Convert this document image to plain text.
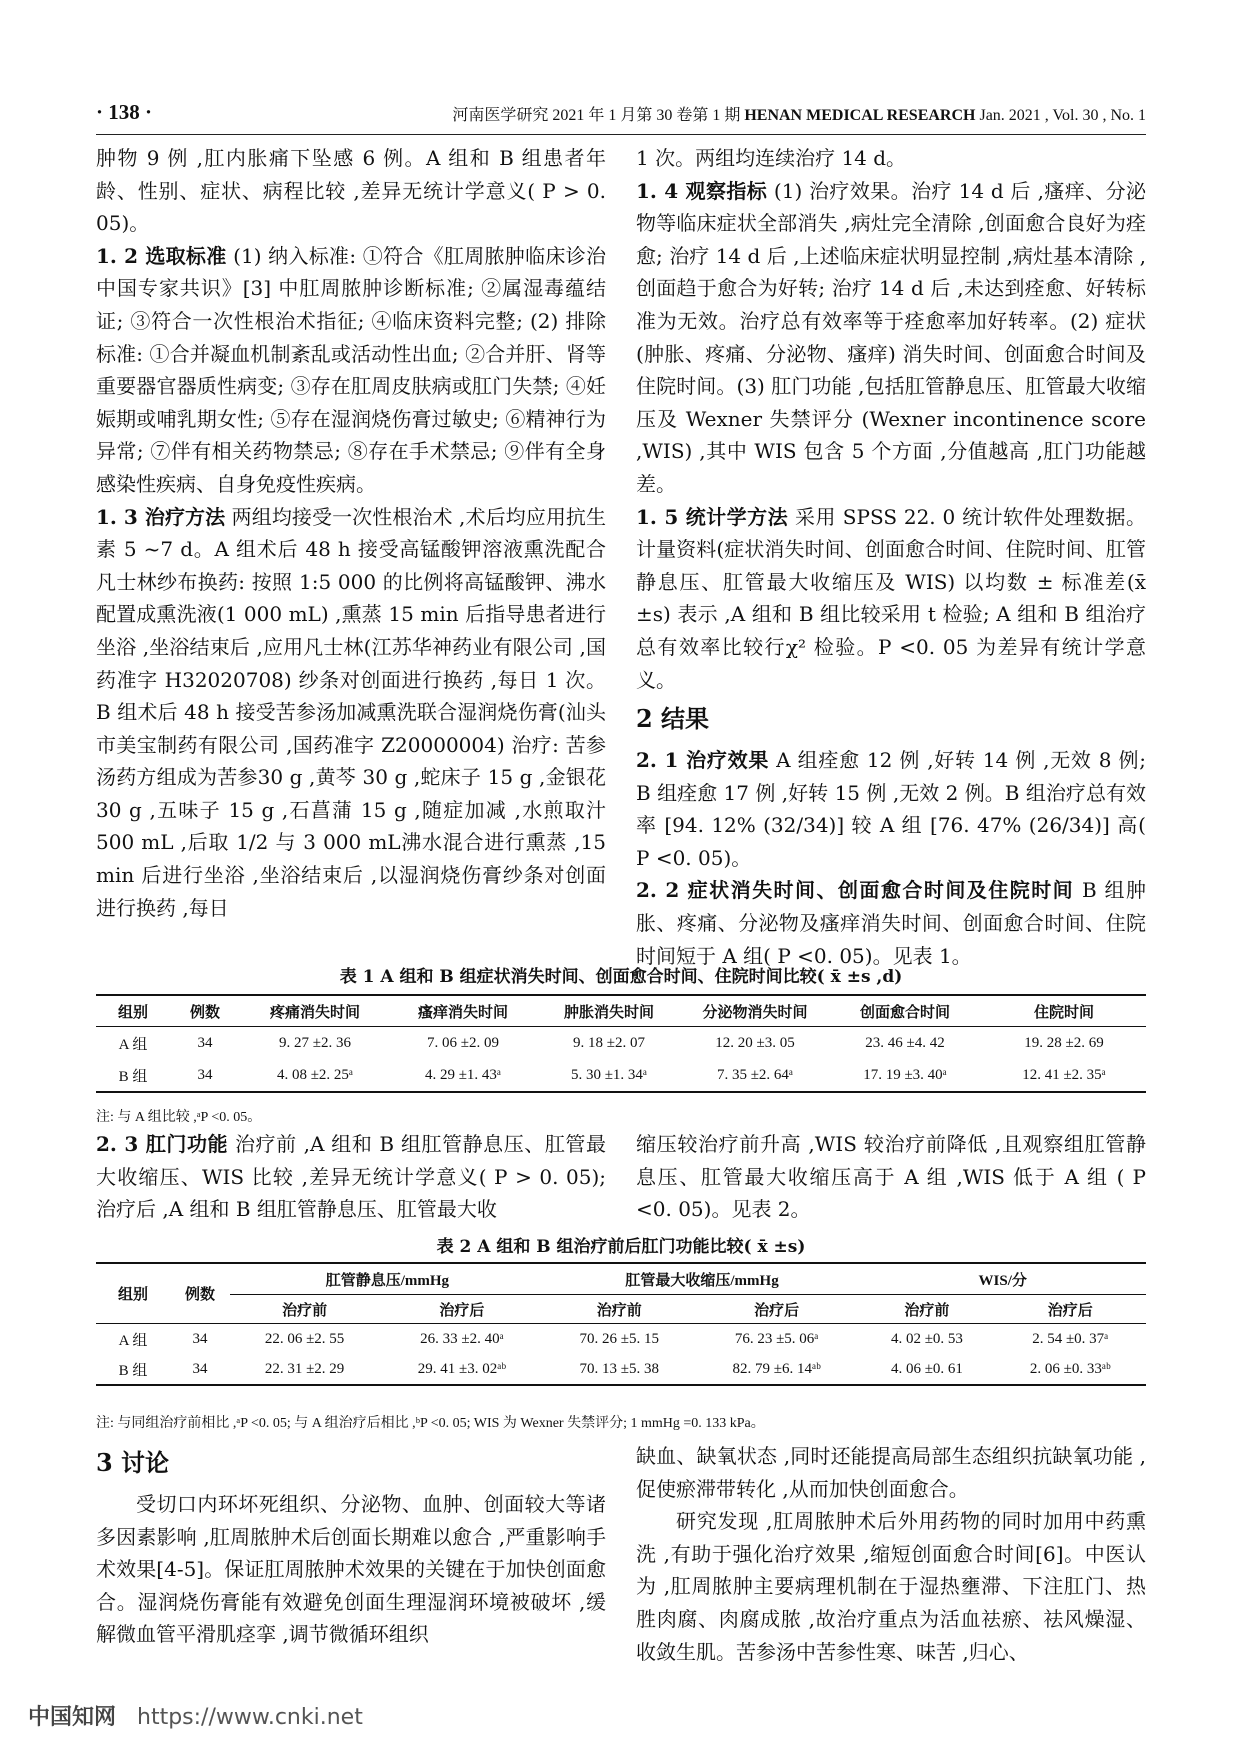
· 138 ·	河南医学研究 2021 年 1 月第 30 卷第 1 期 HENAN MEDICAL RESEARCH Jan. 2021 , Vol. 30 , No. 1

肿物 9 例 ,肛内胀痛下坠感 6 例。A 组和 B 组患者年龄、性别、症状、病程比较 ,差异无统计学意义( P > 0. 05)。

1. 2 选取标准 (1) 纳入标准: ①符合《肛周脓肿临床诊治中国专家共识》[3] 中肛周脓肿诊断标准; ②属湿毒蕴结证; ③符合一次性根治术指征; ④临床资料完整; (2) 排除标准: ①合并凝血机制紊乱或活动性出血; ②合并肝、肾等重要器官器质性病变; ③存在肛周皮肤病或肛门失禁; ④妊娠期或哺乳期女性; ⑤存在湿润烧伤膏过敏史; ⑥精神行为异常; ⑦伴有相关药物禁忌; ⑧存在手术禁忌; ⑨伴有全身感染性疾病、自身免疫性疾病。

1. 3 治疗方法 两组均接受一次性根治术 ,术后均应用抗生素 5 ~7 d。A 组术后 48 h 接受高锰酸钾溶液熏洗配合凡士林纱布换药: 按照 1:5 000 的比例将高锰酸钾、沸水配置成熏洗液(1 000 mL) ,熏蒸 15 min 后指导患者进行坐浴 ,坐浴结束后 ,应用凡士林(江苏华神药业有限公司 ,国药准字 H32020708) 纱条对创面进行换药 ,每日 1 次。B 组术后 48 h 接受苦参汤加减熏洗联合湿润烧伤膏(汕头市美宝制药有限公司 ,国药准字 Z20000004) 治疗: 苦参汤药方组成为苦参30 g ,黄芩 30 g ,蛇床子 15 g ,金银花 30 g ,五味子 15 g ,石菖蒲 15 g ,随症加减 ,水煎取汁 500 mL ,后取 1/2 与 3 000 mL沸水混合进行熏蒸 ,15 min 后进行坐浴 ,坐浴结束后 ,以湿润烧伤膏纱条对创面进行换药 ,每日

1 次。两组均连续治疗 14 d。

1. 4 观察指标 (1) 治疗效果。治疗 14 d 后 ,瘙痒、分泌物等临床症状全部消失 ,病灶完全清除 ,创面愈合良好为痊愈; 治疗 14 d 后 ,上述临床症状明显控制 ,病灶基本清除 ,创面趋于愈合为好转; 治疗 14 d 后 ,未达到痊愈、好转标准为无效。治疗总有效率等于痊愈率加好转率。(2) 症状(肿胀、疼痛、分泌物、瘙痒) 消失时间、创面愈合时间及住院时间。(3) 肛门功能 ,包括肛管静息压、肛管最大收缩压及 Wexner 失禁评分 (Wexner incontinence score ,WIS) ,其中 WIS 包含 5 个方面 ,分值越高 ,肛门功能越差。

1. 5 统计学方法 采用 SPSS 22. 0 统计软件处理数据。计量资料(症状消失时间、创面愈合时间、住院时间、肛管静息压、肛管最大收缩压及 WIS) 以均数 ± 标准差(x̄ ±s) 表示 ,A 组和 B 组比较采用 t 检验; A 组和 B 组治疗总有效率比较行χ² 检验。P <0. 05 为差异有统计学意义。

2 结果

2. 1 治疗效果 A 组痊愈 12 例 ,好转 14 例 ,无效 8 例; B 组痊愈 17 例 ,好转 15 例 ,无效 2 例。B 组治疗总有效率 [94. 12% (32/34)] 较 A 组 [76. 47% (26/34)] 高( P <0. 05)。

2. 2 症状消失时间、创面愈合时间及住院时间 B 组肿胀、疼痛、分泌物及瘙痒消失时间、创面愈合时间、住院时间短于 A 组( P <0. 05)。见表 1。

表 1 A 组和 B 组症状消失时间、创面愈合时间、住院时间比较( x̄ ±s ,d)
组别	例数	疼痛消失时间	瘙痒消失时间	肿胀消失时间	分泌物消失时间	创面愈合时间	住院时间
A 组	34	9. 27 ±2. 36	7. 06 ±2. 09	9. 18 ±2. 07	12. 20 ±3. 05	23. 46 ±4. 42	19. 28 ±2. 69
B 组	34	4. 08 ±2. 25ᵃ	4. 29 ±1. 43ᵃ	5. 30 ±1. 34ᵃ	7. 35 ±2. 64ᵃ	17. 19 ±3. 40ᵃ	12. 41 ±2. 35ᵃ
注: 与 A 组比较 ,ᵃP <0. 05。

2. 3 肛门功能 治疗前 ,A 组和 B 组肛管静息压、肛管最大收缩压、WIS 比较 ,差异无统计学意义( P > 0. 05); 治疗后 ,A 组和 B 组肛管静息压、肛管最大收

缩压较治疗前升高 ,WIS 较治疗前降低 ,且观察组肛管静息压、肛管最大收缩压高于 A 组 ,WIS 低于 A 组 ( P <0. 05)。见表 2。

表 2 A 组和 B 组治疗前后肛门功能比较( x̄ ±s)
组别	例数	肛管静息压/mmHg		肛管最大收缩压/mmHg		WIS/分	
		治疗前	治疗后	治疗前	治疗后	治疗前	治疗后
A 组	34	22. 06 ±2. 55	26. 33 ±2. 40ᵃ	70. 26 ±5. 15	76. 23 ±5. 06ᵃ	4. 02 ±0. 53	2. 54 ±0. 37ᵃ
B 组	34	22. 31 ±2. 29	29. 41 ±3. 02ᵃᵇ	70. 13 ±5. 38	82. 79 ±6. 14ᵃᵇ	4. 06 ±0. 61	2. 06 ±0. 33ᵃᵇ
注: 与同组治疗前相比 ,ᵃP <0. 05; 与 A 组治疗后相比 ,ᵇP <0. 05; WIS 为 Wexner 失禁评分; 1 mmHg =0. 133 kPa。
3 讨论

受切口内环坏死组织、分泌物、血肿、创面较大等诸多因素影响 ,肛周脓肿术后创面长期难以愈合 ,严重影响手术效果[4-5]。保证肛周脓肿术效果的关键在于加快创面愈合。湿润烧伤膏能有效避免创面生理湿润环境被破坏 ,缓解微血管平滑肌痉挛 ,调节微循环组织

缺血、缺氧状态 ,同时还能提高局部生态组织抗缺氧功能 ,促使瘀滞带转化 ,从而加快创面愈合。

研究发现 ,肛周脓肿术后外用药物的同时加用中药熏洗 ,有助于强化治疗效果 ,缩短创面愈合时间[6]。中医认为 ,肛周脓肿主要病理机制在于湿热壅滞、下注肛门、热胜肉腐、肉腐成脓 ,故治疗重点为活血祛瘀、祛风燥湿、收敛生肌。苦参汤中苦参性寒、味苦 ,归心、

中国知网 https://www.cnki.net
